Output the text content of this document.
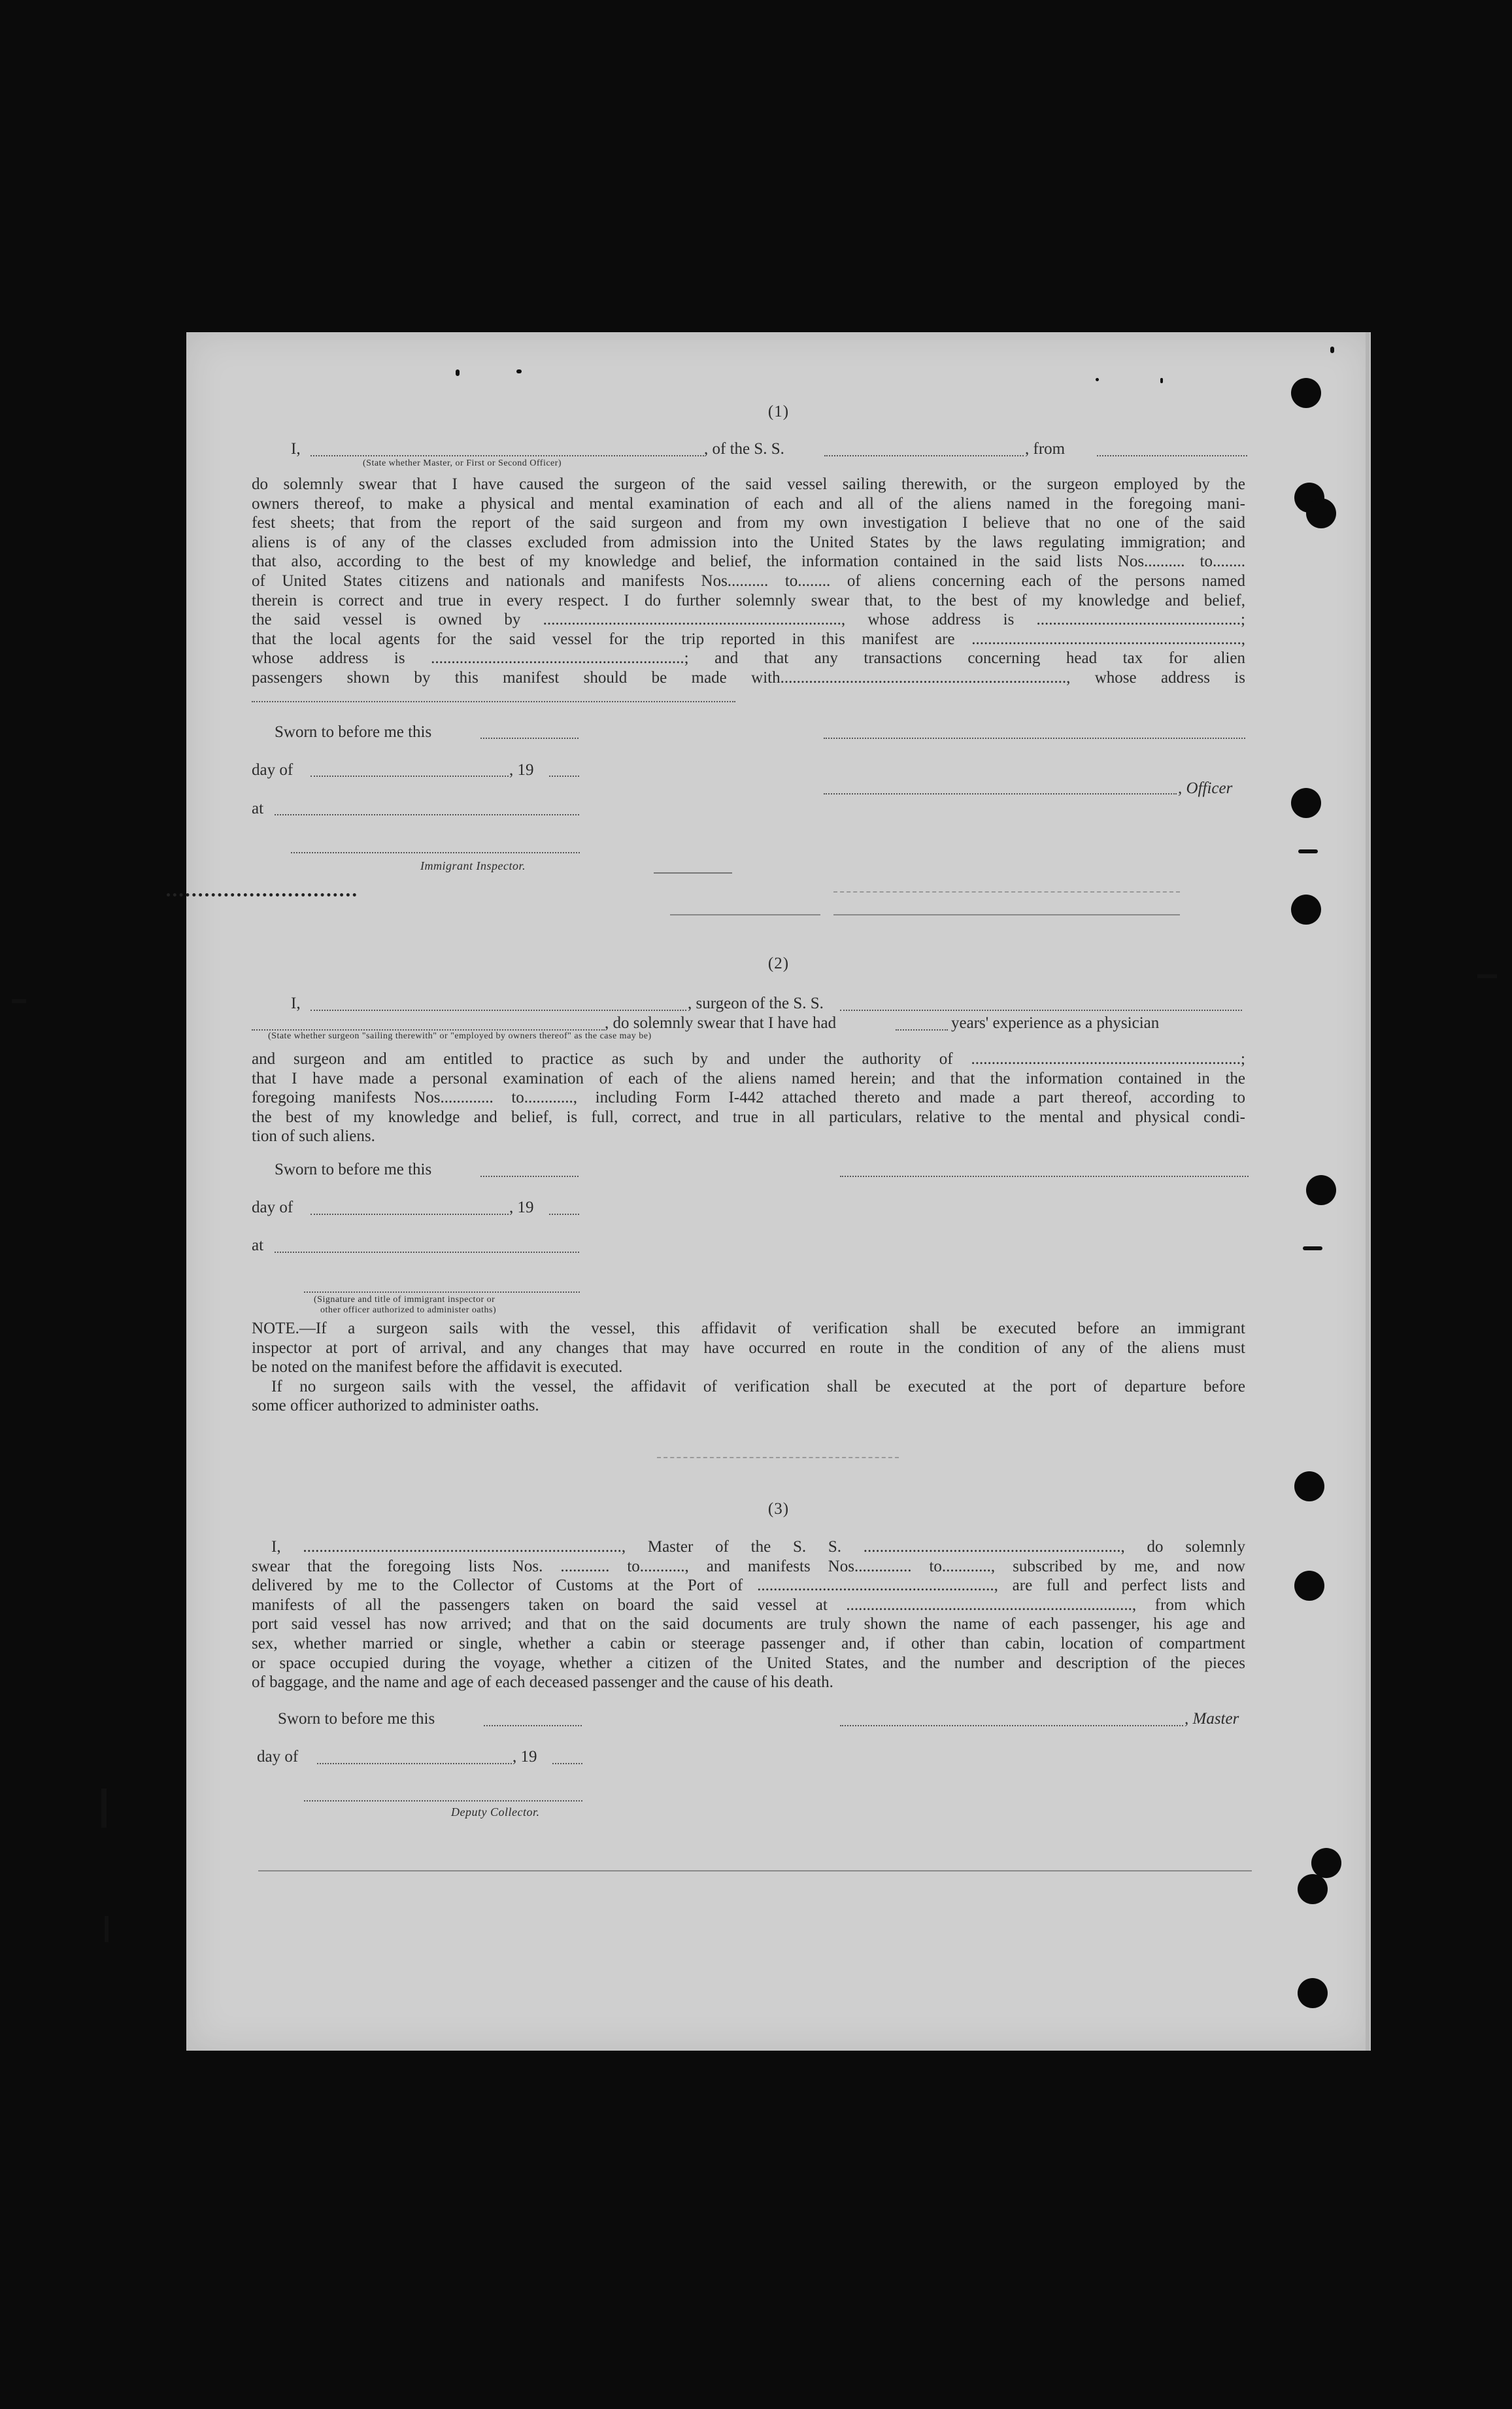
(1)
I,	, of the S. S.	, from
(State whether Master, or First or Second Officer)
do solemnly swear that I have caused the surgeon of the said vessel sailing therewith, or the surgeon employed by the
owners thereof, to make a physical and mental examination of each and all of the aliens named in the foregoing mani-
fest sheets; that from the report of the said surgeon and from my own investigation I believe that no one of the said
aliens is of any of the classes excluded from admission into the United States by the laws regulating immigration; and
that also, according to the best of my knowledge and belief, the information contained in the said lists Nos.......... to........
of United States citizens and nationals and manifests Nos.......... to........ of aliens concerning each of the persons named
therein is correct and true in every respect. I do further solemnly swear that, to the best of my knowledge and belief,
the said vessel is owned by ........................................................................., whose address is ..................................................;
that the local agents for the said vessel for the trip reported in this manifest are ..................................................................,
whose address is ..............................................................; and that any transactions concerning head tax for alien
passengers shown by this manifest should be made with......................................................................, whose address is
Sworn to before me this
day of	, 19
, Officer
at
Immigrant Inspector.
(2)
I,	, surgeon of the S. S.
, do solemnly swear that I have had	years' experience as a physician
(State whether surgeon "sailing therewith" or "employed by owners thereof" as the case may be)
and surgeon and am entitled to practice as such by and under the authority of ..................................................................;
that I have made a personal examination of each of the aliens named herein; and that the information contained in the
foregoing manifests Nos............. to............, including Form I-442 attached thereto and made a part thereof, according to
the best of my knowledge and belief, is full, correct, and true in all particulars, relative to the mental and physical condi-
tion of such aliens.
Sworn to before me this
day of	, 19
at
(Signature and title of immigrant inspector or
other officer authorized to administer oaths)
NOTE.—If a surgeon sails with the vessel, this affidavit of verification shall be executed before an immigrant
inspector at port of arrival, and any changes that may have occurred en route in the condition of any of the aliens must
be noted on the manifest before the affidavit is executed.
If no surgeon sails with the vessel, the affidavit of verification shall be executed at the port of departure before
some officer authorized to administer oaths.
(3)
I, .............................................................................., Master of the S. S. ..............................................................., do solemnly
swear that the foregoing lists Nos. ............ to..........., and manifests Nos.............. to............, subscribed by me, and now
delivered by me to the Collector of Customs at the Port of .........................................................., are full and perfect lists and
manifests of all the passengers taken on board the said vessel at ......................................................................, from which
port said vessel has now arrived; and that on the said documents are truly shown the name of each passenger, his age and
sex, whether married or single, whether a cabin or steerage passenger and, if other than cabin, location of compartment
or space occupied during the voyage, whether a citizen of the United States, and the number and description of the pieces
of baggage, and the name and age of each deceased passenger and the cause of his death.
Sworn to before me this	, Master
day of	, 19
Deputy Collector.
